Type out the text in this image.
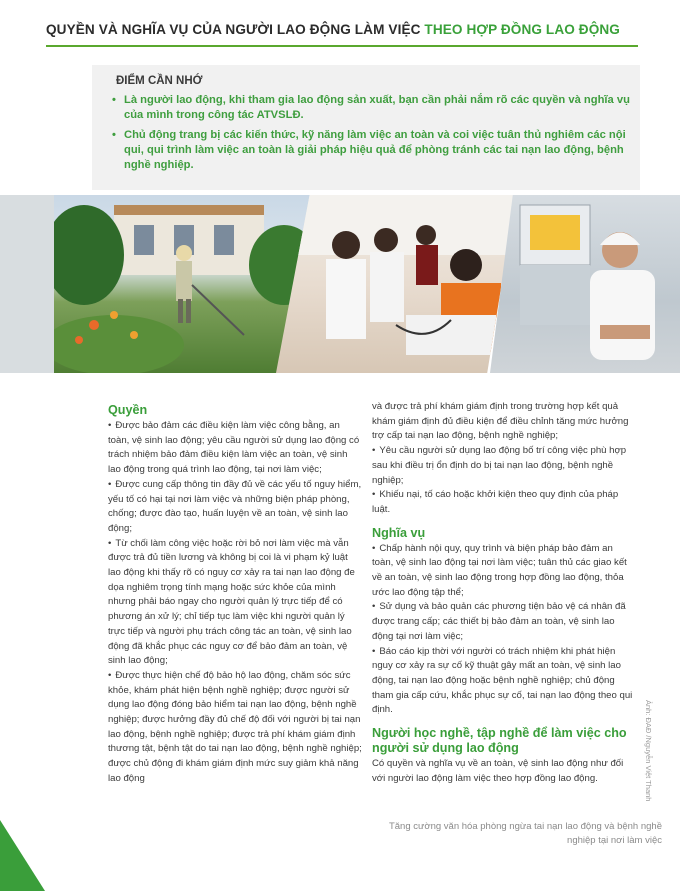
QUYỀN VÀ NGHĨA VỤ CỦA NGƯỜI LAO ĐỘNG LÀM VIỆC THEO HỢP ĐỒNG LAO ĐỘNG
ĐIỂM CẦN NHỚ
• Là người lao động, khi tham gia lao động sản xuất, bạn cần phải nắm rõ các quyền và nghĩa vụ của mình trong công tác ATVSLĐ.
• Chủ động trang bị các kiến thức, kỹ năng làm việc an toàn và coi việc tuân thủ nghiêm các nội qui, qui trình làm việc an toàn là giải pháp hiệu quả để phòng tránh các tai nạn lao động, bệnh nghề nghiệp.
Quyền

• Được bảo đảm các điều kiện làm việc công bằng, an toàn, vệ sinh lao động; yêu cầu người sử dụng lao động có trách nhiệm bảo đảm điều kiện làm việc an toàn, vệ sinh lao động trong quá trình lao động, tại nơi làm việc;

• Được cung cấp thông tin đầy đủ về các yếu tố nguy hiểm, yếu tố có hại tại nơi làm việc và những biện pháp phòng, chống; được đào tạo, huấn luyện về an toàn, vệ sinh lao động;

• Từ chối làm công việc hoặc rời bỏ nơi làm việc mà vẫn được trả đủ tiền lương và không bị coi là vi phạm kỷ luật lao động khi thấy rõ có nguy cơ xảy ra tai nạn lao động đe dọa nghiêm trọng tính mạng hoặc sức khỏe của mình nhưng phải báo ngay cho người quản lý trực tiếp để có phương án xử lý; chỉ tiếp tục làm việc khi người quản lý trực tiếp và người phụ trách công tác an toàn, vệ sinh lao động đã khắc phục các nguy cơ để bảo đảm an toàn, vệ sinh lao động;

• Được thực hiện chế độ bảo hộ lao động, chăm sóc sức khỏe, khám phát hiện bệnh nghề nghiệp; được người sử dụng lao động đóng bảo hiểm tai nạn lao động, bệnh nghề nghiệp; được hưởng đầy đủ chế độ đối với người bị tai nạn lao động, bệnh nghề nghiệp; được trả phí khám giám định thương tật, bệnh tật do tai nạn lao động, bệnh nghề nghiệp; được chủ động đi khám giám định mức suy giảm khả năng lao động

và được trả phí khám giám định trong trường hợp kết quả khám giám định đủ điều kiện để điều chỉnh tăng mức hưởng trợ cấp tai nạn lao động, bệnh nghề nghiệp;

• Yêu cầu người sử dụng lao động bố trí công việc phù hợp sau khi điều trị ổn định do bị tai nạn lao động, bệnh nghề nghiệp;

• Khiếu nại, tố cáo hoặc khởi kiện theo quy định của pháp luật.

Nghĩa vụ

• Chấp hành nội quy, quy trình và biện pháp bảo đảm an toàn, vệ sinh lao động tại nơi làm việc; tuân thủ các giao kết về an toàn, vệ sinh lao động trong hợp đồng lao động, thỏa ước lao động tập thể;

• Sử dụng và bảo quản các phương tiện bảo vệ cá nhân đã được trang cấp; các thiết bị bảo đảm an toàn, vệ sinh lao động tại nơi làm việc;

• Báo cáo kịp thời với người có trách nhiệm khi phát hiện nguy cơ xảy ra sự cố kỹ thuật gây mất an toàn, vệ sinh lao động, tai nạn lao động hoặc bệnh nghề nghiệp; chủ động tham gia cấp cứu, khắc phục sự cố, tai nạn lao động theo qui định.

Người học nghề, tập nghề để làm việc cho người sử dụng lao động

Có quyền và nghĩa vụ về an toàn, vệ sinh lao động như đối với người lao động làm việc theo hợp đồng lao động.	Ảnh: ĐAĐ /Nguyễn Việt Thanh
Tăng cường văn hóa phòng ngừa tai nạn lao động và bệnh nghề nghiệp tại nơi làm việc
